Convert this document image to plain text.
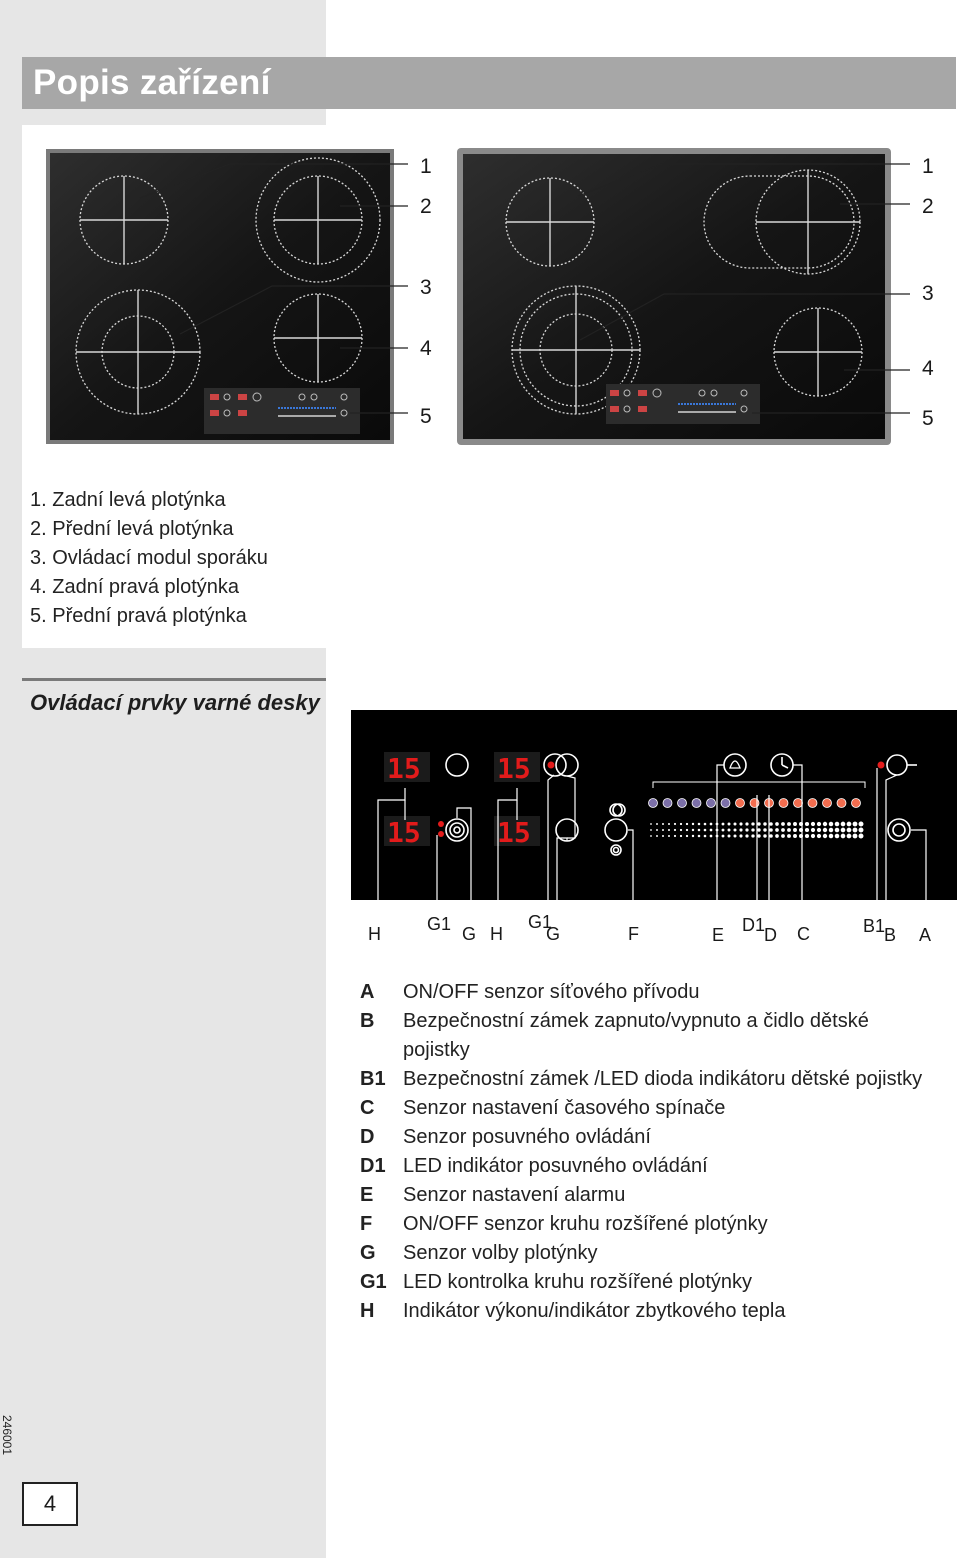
Popis zařízení
1
2
3
4
5
1
2
3
4
5
1. Zadní levá plotýnka
2. Přední levá plotýnka
3. Ovládací modul sporáku
4. Zadní pravá plotýnka
5. Přední pravá plotýnka
Ovládací prvky varné desky
15
15
15
15
H	G1 G H
G1
G	F	E D1
D C	B1
B A
A	ON/OFF senzor síťového přívodu
B	Bezpečnostní zámek zapnuto/vypnuto a čidlo dětské pojistky
B1 Bezpečnostní zámek /LED dioda indikátoru dětské pojistky
C	Senzor nastavení časového spínače
D	Senzor posuvného ovládání
D1 LED indikátor posuvného ovládání
E	Senzor nastavení alarmu
F	ON/OFF senzor kruhu rozšířené plotýnky
G	Senzor volby plotýnky
G1 LED kontrolka kruhu rozšířené plotýnky
H	Indikátor výkonu/indikátor zbytkového tepla
246001
4
